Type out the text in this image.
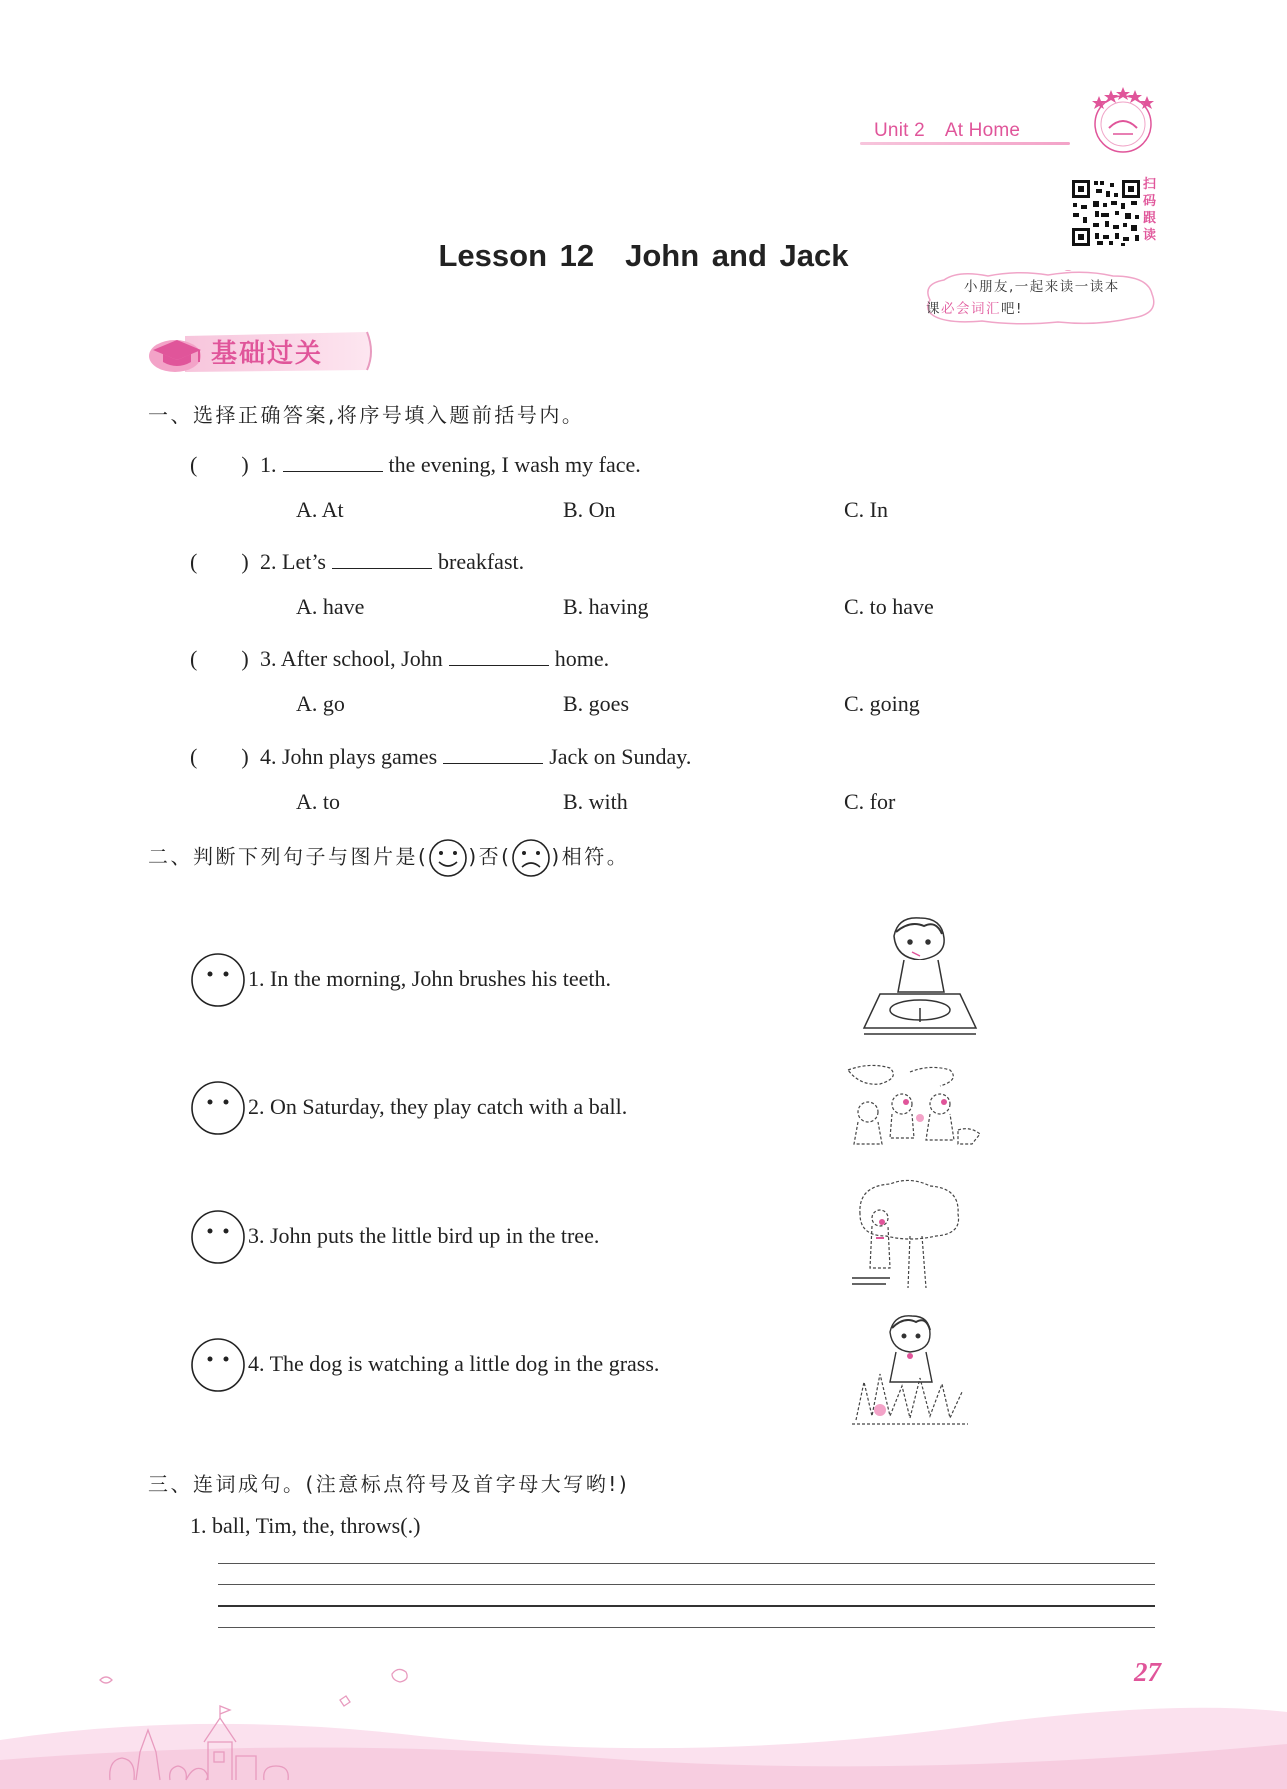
Unit 2 At Home
扫
码
跟
读
Lesson 12　John and Jack
小朋友,一起来读一读本
课必会词汇吧!
基础过关
一、选择正确答案,将序号填入题前括号内。
(　　) 1.	the evening, I wash my face.
A. At	B. On	C. In
(　　) 2. Let’s	breakfast.
A. have	B. having	C. to have
(　　) 3. After school, John	home.
A. go	B. goes	C. going
(　　) 4. John plays games	Jack on Sunday.
A. to	B. with	C. for
二、判断下列句子与图片是( )否( )相符。
1. In the morning, John brushes his teeth.
2. On Saturday, they play catch with a ball.
3. John puts the little bird up in the tree.
4. The dog is watching a little dog in the grass.
三、连词成句。(注意标点符号及首字母大写哟!)
1. ball, Tim, the, throws(.)
27
